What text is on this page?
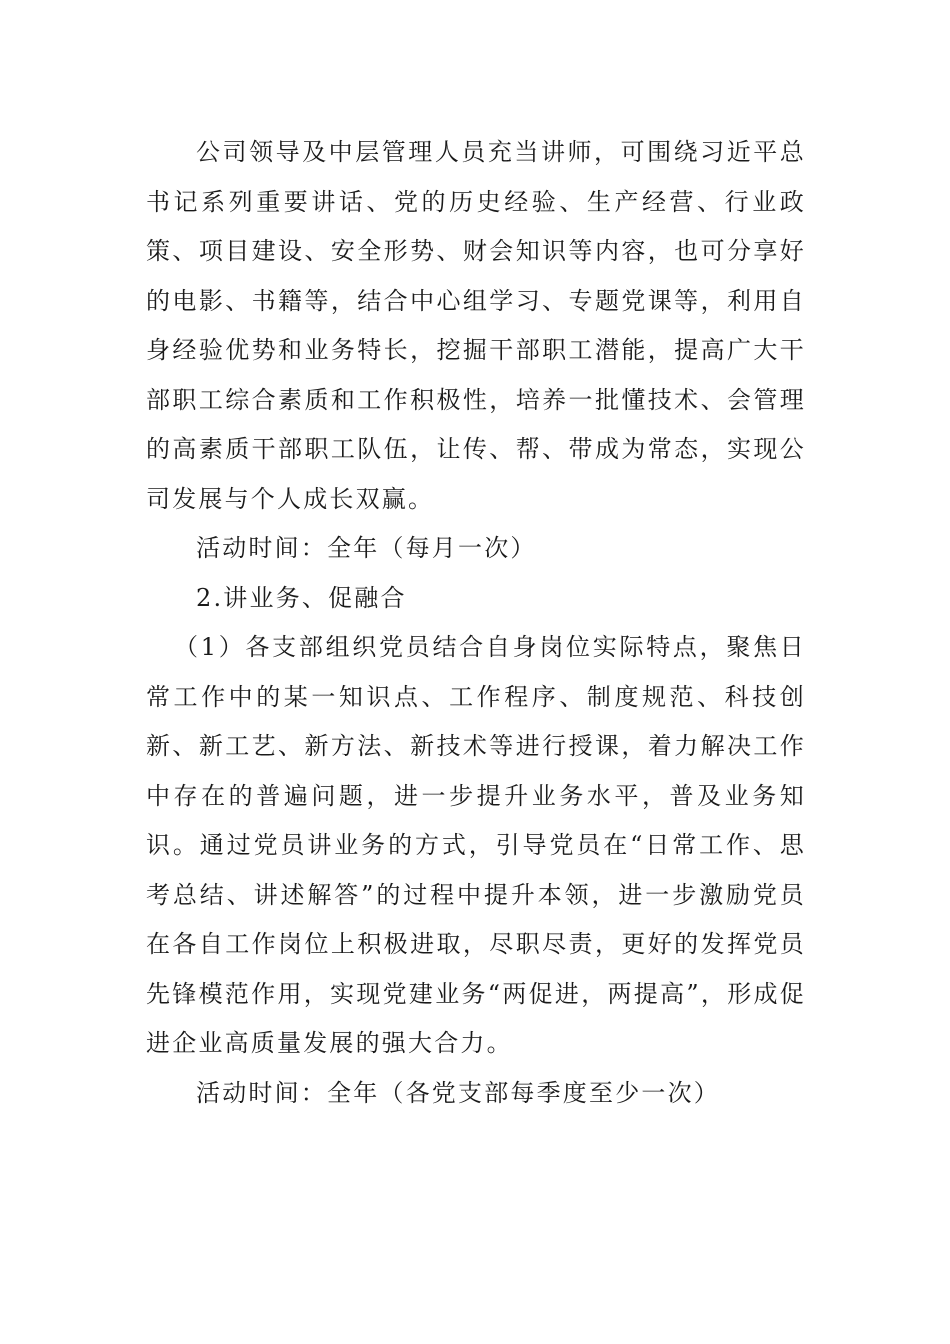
公司领导及中层管理人员充当讲师，可围绕习近平总书记系列重要讲话、党的历史经验、生产经营、行业政策、项目建设、安全形势、财会知识等内容，也可分享好的电影、书籍等，结合中心组学习、专题党课等，利用自身经验优势和业务特长，挖掘干部职工潜能，提高广大干部职工综合素质和工作积极性，培养一批懂技术、会管理的高素质干部职工队伍，让传、帮、带成为常态，实现公司发展与个人成长双赢。

活动时间：全年（每月一次）

2.讲业务、促融合

（1）各支部组织党员结合自身岗位实际特点，聚焦日常工作中的某一知识点、工作程序、制度规范、科技创新、新工艺、新方法、新技术等进行授课，着力解决工作中存在的普遍问题，进一步提升业务水平，普及业务知识。通过党员讲业务的方式，引导党员在“日常工作、思考总结、讲述解答”的过程中提升本领，进一步激励党员在各自工作岗位上积极进取，尽职尽责，更好的发挥党员先锋模范作用，实现党建业务“两促进，两提高”，形成促进企业高质量发展的强大合力。

活动时间：全年（各党支部每季度至少一次）
